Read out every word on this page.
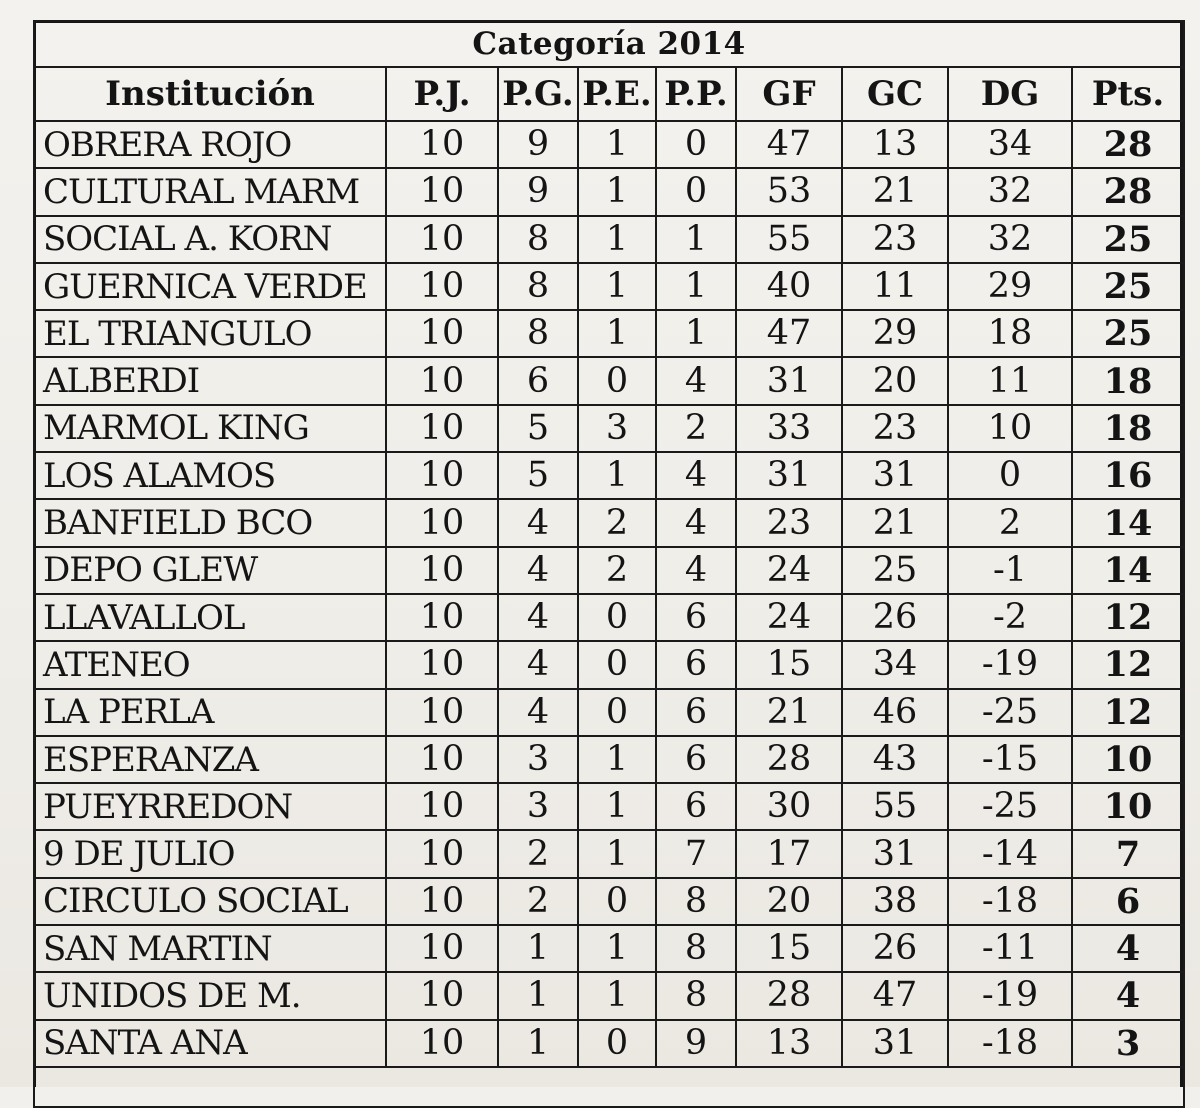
Categoría 2014								
Institución	P.J.	P.G.	P.E.	P.P.	GF	GC	DG	Pts.
OBRERA ROJO	10	9	1	0	47	13	34	28
CULTURAL MARM	10	9	1	0	53	21	32	28
SOCIAL A. KORN	10	8	1	1	55	23	32	25
GUERNICA VERDE	10	8	1	1	40	11	29	25
EL TRIANGULO	10	8	1	1	47	29	18	25
ALBERDI	10	6	0	4	31	20	11	18
MARMOL KING	10	5	3	2	33	23	10	18
LOS ALAMOS	10	5	1	4	31	31	0	16
BANFIELD BCO	10	4	2	4	23	21	2	14
DEPO GLEW	10	4	2	4	24	25	-1	14
LLAVALLOL	10	4	0	6	24	26	-2	12
ATENEO	10	4	0	6	15	34	-19	12
LA PERLA	10	4	0	6	21	46	-25	12
ESPERANZA	10	3	1	6	28	43	-15	10
PUEYRREDON	10	3	1	6	30	55	-25	10
9 DE JULIO	10	2	1	7	17	31	-14	7
CIRCULO SOCIAL	10	2	0	8	20	38	-18	6
SAN MARTIN	10	1	1	8	15	26	-11	4
UNIDOS DE M.	10	1	1	8	28	47	-19	4
SANTA ANA	10	1	0	9	13	31	-18	3
